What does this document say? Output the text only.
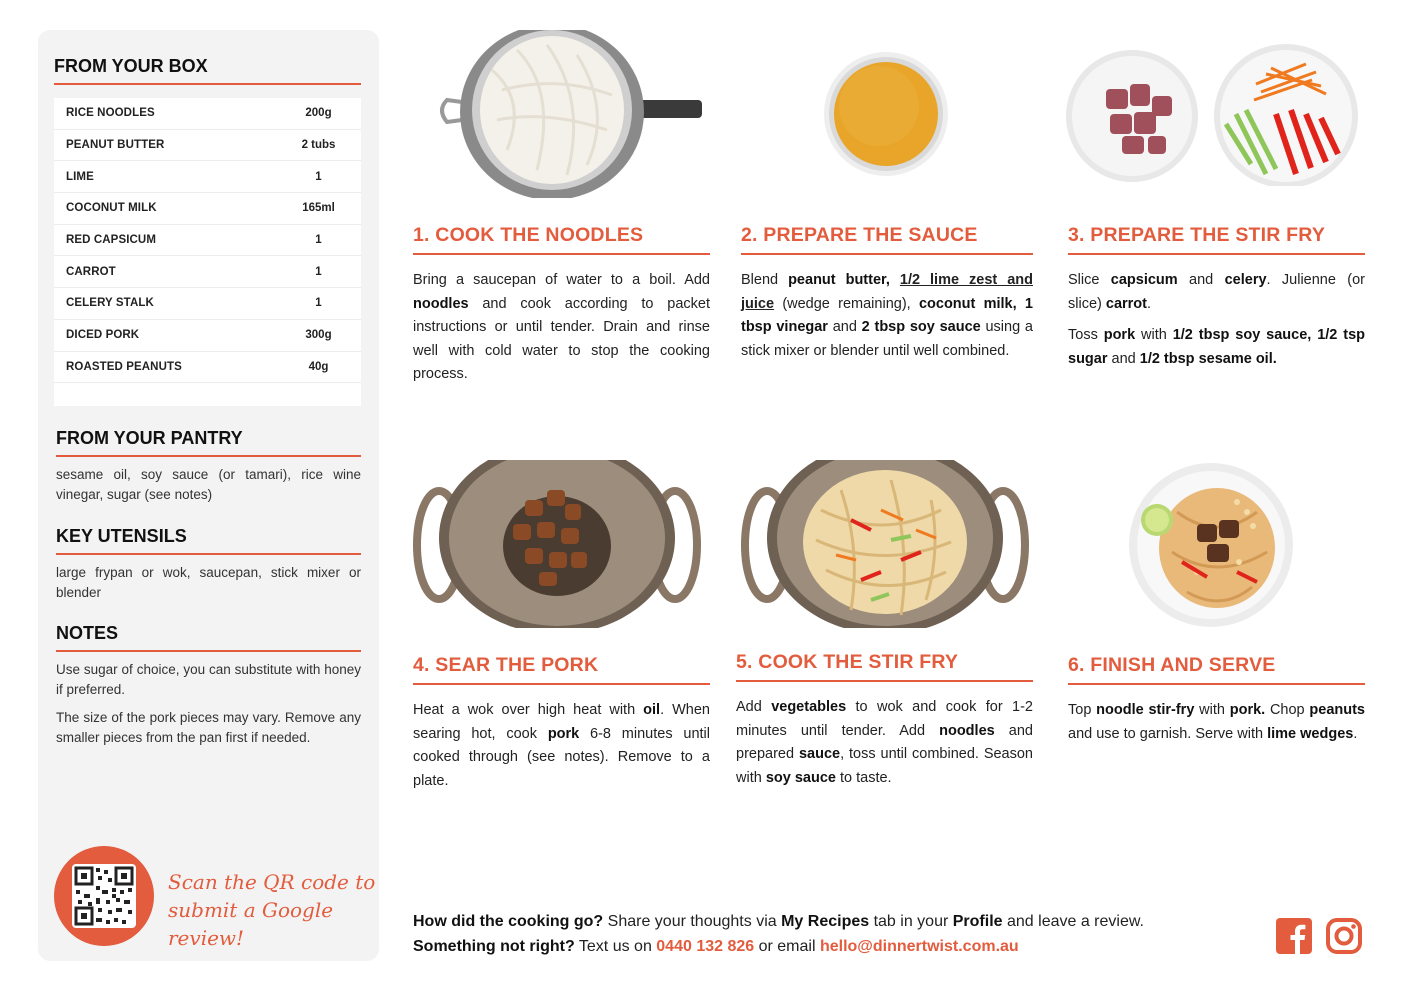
FROM YOUR BOX
RICE NOODLES	200g
PEANUT BUTTER	2 tubs
LIME	1
COCONUT MILK	165ml
RED CAPSICUM	1
CARROT	1
CELERY STALK	1
DICED PORK	300g
ROASTED PEANUTS	40g
FROM YOUR PANTRY

sesame oil, soy sauce (or tamari), rice wine vinegar, sugar (see notes)

KEY UTENSILS

large frypan or wok, saucepan, stick mixer or blender

NOTES

Use sugar of choice, you can substitute with honey if preferred.

The size of the pork pieces may vary. Remove any smaller pieces from the pan first if needed.

Scan the QR code to
submit a Google review!
1. COOK THE NOODLES

Bring a saucepan of water to a boil. Add noodles and cook according to packet instructions or until tender. Drain and rinse well with cold water to stop the cooking process.

2. PREPARE THE SAUCE

Blend peanut butter, 1/2 lime zest and juice (wedge remaining), coconut milk, 1 tbsp vinegar and 2 tbsp soy sauce using a stick mixer or blender until well combined.

3. PREPARE THE STIR FRY

Slice capsicum and celery. Julienne (or slice) carrot.

Toss pork with 1/2 tbsp soy sauce, 1/2 tsp sugar and 1/2 tbsp sesame oil.

4. SEAR THE PORK

Heat a wok over high heat with oil. When searing hot, cook pork 6-8 minutes until cooked through (see notes). Remove to a plate.

5. COOK THE STIR FRY

Add vegetables to wok and cook for 1-2 minutes until tender. Add noodles and prepared sauce, toss until combined. Season with soy sauce to taste.

6. FINISH AND SERVE

Top noodle stir-fry with pork. Chop peanuts and use to garnish. Serve with lime wedges.

How did the cooking go? Share your thoughts via My Recipes tab in your Profile and leave a review.
Something not right? Text us on 0440 132 826 or email hello@dinnertwist.com.au
